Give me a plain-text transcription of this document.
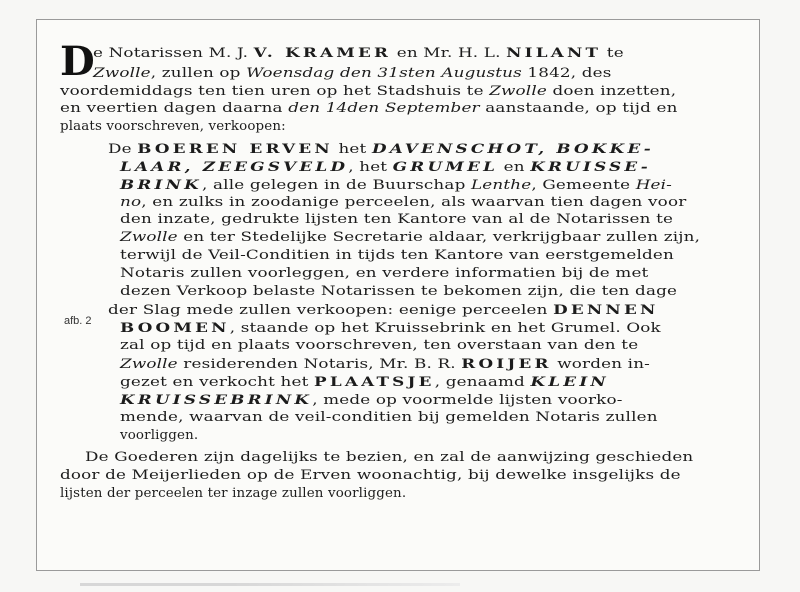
D
afb. 2
e Notarissen M. J. V. KRAMER en Mr. H. L. NILANT te
Zwolle, zullen op Woensdag den 31sten Augustus 1842, des
voordemiddags ten tien uren op het Stadshuis te Zwolle doen inzetten,
en veertien dagen daarna den 14den September aanstaande, op tijd en
plaats voorschreven, verkoopen:
De BOEREN ERVEN het DAVENSCHOT, BOKKE-
LAAR, ZEEGSVELD, het GRUMEL en KRUISSE-
BRINK, alle gelegen in de Buurschap Lenthe, Gemeente Hei-
no, en zulks in zoodanige perceelen, als waarvan tien dagen voor
den inzate, gedrukte lijsten ten Kantore van al de Notarissen te
Zwolle en ter Stedelijke Secretarie aldaar, verkrijgbaar zullen zijn,
terwijl de Veil-Conditien in tijds ten Kantore van eerstgemelden
Notaris zullen voorleggen, en verdere informatien bij de met
dezen Verkoop belaste Notarissen te bekomen zijn, die ten dage
der Slag mede zullen verkoopen: eenige perceelen DENNEN
BOOMEN, staande op het Kruissebrink en het Grumel. Ook
zal op tijd en plaats voorschreven, ten overstaan van den te
Zwolle residerenden Notaris, Mr. B. R. ROIJER worden in-
gezet en verkocht het PLAATSJE, genaamd KLEIN
KRUISSEBRINK, mede op voormelde lijsten voorko-
mende, waarvan de veil-conditien bij gemelden Notaris zullen
voorliggen.
De Goederen zijn dagelijks te bezien, en zal de aanwijzing geschieden
door de Meijerlieden op de Erven woonachtig, bij dewelke insgelijks de
lijsten der perceelen ter inzage zullen voorliggen.
